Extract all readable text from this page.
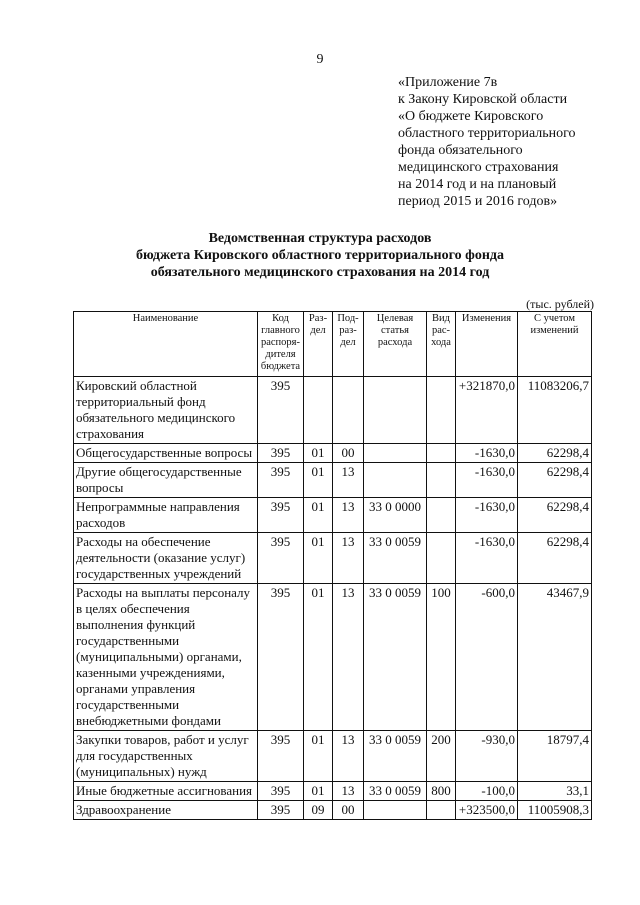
9
«Приложение 7в
к Закону Кировской области
«О бюджете Кировского
областного территориального
фонда обязательного
медицинского страхования
на 2014 год и на плановый
период 2015 и 2016 годов»
Ведомственная структура расходов
бюджета Кировского областного территориального фонда
обязательного медицинского страхования на 2014 год
(тыс. рублей)
Наименование	Код главного распоря-дителя бюджета	Раз-дел	Под-раз-дел	Целевая статья расхода	Вид рас-хода	Изменения	С учетом изменений
Кировский областной территориальный фонд обязательного медицинского страхования	395					+321870,0	11083206,7
Общегосударственные вопросы	395	01	00			-1630,0	62298,4
Другие общегосударственные вопросы	395	01	13			-1630,0	62298,4
Непрограммные направления расходов	395	01	13	33 0 0000		-1630,0	62298,4
Расходы на обеспечение деятельности (оказание услуг) государственных учреждений	395	01	13	33 0 0059		-1630,0	62298,4
Расходы на выплаты персоналу в целях обеспечения выполнения функций государственными (муниципальными) органами, казенными учреждениями, органами управления государственными внебюджетными фондами	395	01	13	33 0 0059	100	-600,0	43467,9
Закупки товаров, работ и услуг для государственных (муниципальных) нужд	395	01	13	33 0 0059	200	-930,0	18797,4
Иные бюджетные ассигнования	395	01	13	33 0 0059	800	-100,0	33,1
Здравоохранение	395	09	00			+323500,0	11005908,3
